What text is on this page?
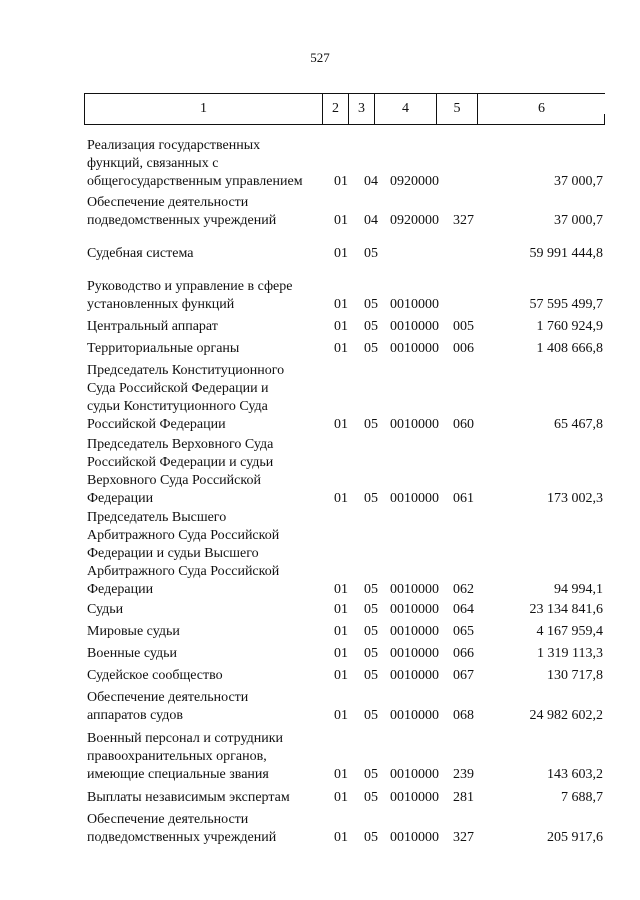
527
1	2	3	4	5	6
Реализация государственных
функций, связанных с
общегосударственным управлением	01 04 0920000	37 000,7
Обеспечение деятельности
подведомственных учреждений	01 04 0920000 327	37 000,7
Судебная система	01 05	59 991 444,8
Руководство и управление в сфере
установленных функций	01 05 0010000	57 595 499,7
Центральный аппарат	01 05 0010000 005	1 760 924,9
Территориальные органы	01 05 0010000 006	1 408 666,8
Председатель Конституционного
Суда Российской Федерации и
судьи Конституционного Суда
Российской Федерации	01 05 0010000 060	65 467,8
Председатель Верховного Суда
Российской Федерации и судьи
Верховного Суда Российской
Федерации	01 05 0010000 061	173 002,3
Председатель Высшего
Арбитражного Суда Российской
Федерации и судьи Высшего
Арбитражного Суда Российской
Федерации	01 05 0010000 062	94 994,1
Судьи	01 05 0010000 064	23 134 841,6
Мировые судьи	01 05 0010000 065	4 167 959,4
Военные судьи	01 05 0010000 066	1 319 113,3
Судейское сообщество	01 05 0010000 067	130 717,8
Обеспечение деятельности
аппаратов судов	01 05 0010000 068	24 982 602,2
Военный персонал и сотрудники
правоохранительных органов,
имеющие специальные звания	01 05 0010000 239	143 603,2
Выплаты независимым экспертам	01 05 0010000 281	7 688,7
Обеспечение деятельности
подведомственных учреждений	01 05 0010000 327	205 917,6
